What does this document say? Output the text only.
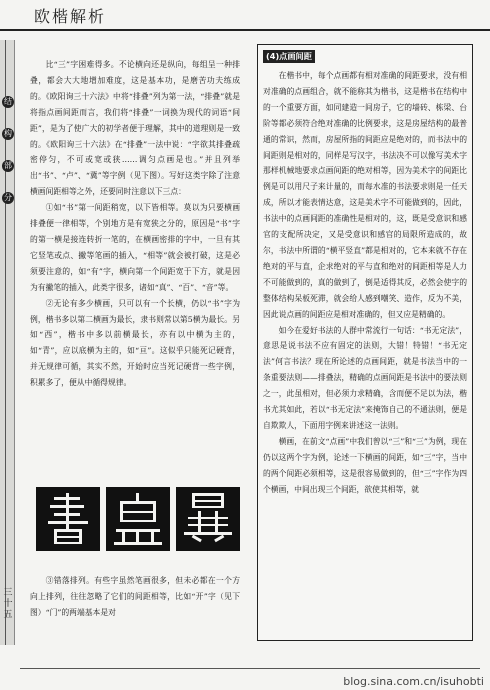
欧楷解析
结
构
部
分
三
十
五

比“三”字困难得多。不论横向还是纵向，每组呈一种排叠，都会大大地增加难度，这是基本功，是磨苦功夫练成的。《欧阳询三十六法》中将“排叠”列为第一法，“排叠”就是将指点画间距而言，我们将“排叠”一词换为现代的词语“间距”，是为了使广大的初学者便于理解，其中的道理则是一致的。《欧阳询三十六法》在“排叠”一法中说：“字欲其排叠疏密停匀，不可或宽或狭……调匀点画是也。”并且列举出“书”、“卢”、“冀”等字例（见下图）。写好这类字除了注意横画间距相等之外，还要同时注意以下三点：

①如“书”第一间距稍宽，以下皆相等。莫以为只要横画排叠便一律相等，个别地方是有宽狭之分的，原因是“书”字的第一横是接连转折一笔的，在横画密排的字中，一旦有其它竖笔或点、撇等笔画的插入，“相等”就会被打破，这是必须要注意的，如“有”字，横向第一个间距宽于下方，就是因为有撇笔的插入，此类字很多，诸如“真”、“百”、“音”等。

②无论有多少横画，只可以有一个长横，仍以“书”字为例，楷书多以第二横画为最长，隶书则常以第5横为最长。另如“西”，楷书中多以前横最长，亦有以中横为主的，如“青”，应以底横为主的，如“亘”。这似乎只能死记硬背，并无规律可循，其实不然，开始时应当死记硬背一些字例，积累多了，便从中循得规律。

③错落排列。有些字虽然笔画很多，但未必都在一个方向上排列，往往忽略了它们的间距相等，比如“开”字（见下图）“门”的两端基本是对

(4)点画间距

在楷书中，每个点画都有相对准确的间距要求，没有相对准确的点画组合，就不能称其为楷书，这是楷书在结构中的一个重要方面，如同建造一间房子，它的墙砖、栋梁、台阶等都必须符合绝对准确的比例要求，这是房屋结构的最普通的常识，然而，房屋所指的间距应是绝对的，而书法中的间距则是相对的，同样是写汉字，书法决不可以像写美术字那样机械地要求点画间距的绝对相等，因为美术字的间距比例是可以用尺子来计量的，而每水准的书法要求则是一任天成，所以才能表情达意，这是美术字不可能做到的，因此，书法中的点画间距的准确性是相对的，这，既是受意识和感官的支配所决定，又是受意识和感官的局限所造成的，故尔，书法中所谓的“横平竖直”都是相对的，它本来就不存在绝对的平与直，企求绝对的平与直和绝对的间距相等是人力不可能做到的，真的做到了，倒是适得其反，必然会使字的整体结构呆板死滞，就会给人感到嘲笑、造作，反为不美，因此说点画的间距应是相对准确的，但又应是精确的。

如今在爱好书法的人群中常流行一句话：“书无定法”，意思是说书法不应有固定的法则，大错！特错！“书无定法”何言书法？现在所论述的点画间距，就是书法当中的一条重要法则——排叠法，精确的点画间距是书法中的要法则之一，此虽相对，但必须力求精确，含而便不足以为法，楷书尤其如此，若以“书无定法”来掩饰自己的不通法则，便是自欺欺人，下面用字例来讲述这一法则。

横画，在前文“点画”中我们曾以“三”和“三”为例，现在仍以这两个字为例，论述一下横画的间距，如“三”字，当中的两个间距必须相等，这是很容易做到的，但“三”字作为四个横画，中间出现三个间距，欲使其相等，就

blog.sina.com.cn/isuhobti
